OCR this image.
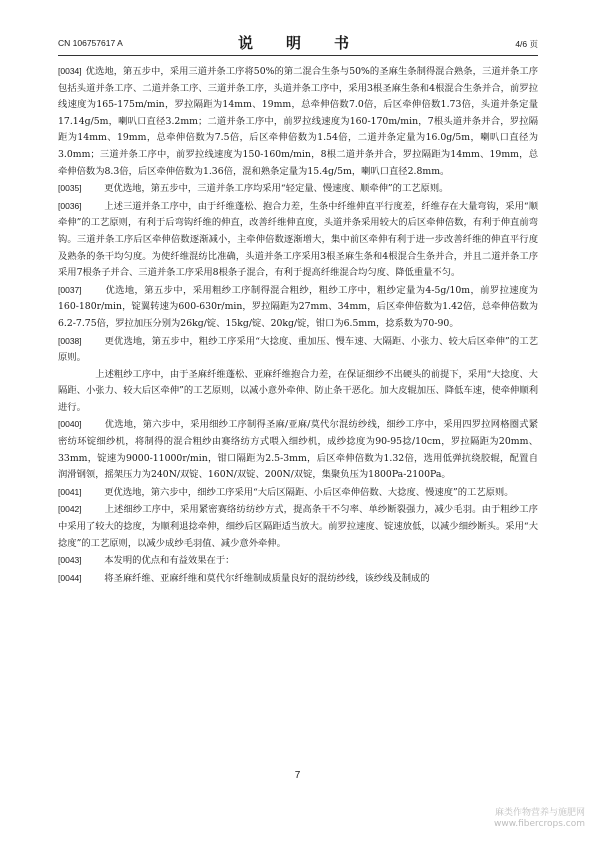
CN 106757617 A	说　明　书	4/6 页

[0034] 优选地，第五步中，采用三道并条工序将50%的第二混合生条与50%的圣麻生条制得混合熟条，三道并条工序包括头道并条工序、二道并条工序、三道并条工序，头道并条工序中，采用3根圣麻生条和4根混合生条并合，前罗拉线速度为165-175m/min，罗拉隔距为14mm、19mm，总牵伸倍数7.0倍，后区牵伸倍数1.73倍，头道并条定量17.14g/5m，喇叭口直径3.2mm；二道并条工序中，前罗拉线速度为160-170m/min，7根头道并条并合，罗拉隔距为14mm、19mm，总牵伸倍数为7.5倍，后区牵伸倍数为1.54倍，二道并条定量为16.0g/5m，喇叭口直径为3.0mm；三道并条工序中，前罗拉线速度为150-160m/min，8根二道并条并合，罗拉隔距为14mm、19mm，总牵伸倍数为8.3倍，后区牵伸倍数为1.36倍，混和熟条定量为15.4g/5m，喇叭口直径2.8mm。

[0035]　　 更优选地，第五步中，三道并条工序均采用“轻定量、慢速度、顺牵伸”的工艺原则。

[0036]　　 上述三道并条工序中，由于纤维蓬松、抱合力差，生条中纤维伸直平行度差，纤维存在大量弯钩，采用“顺牵伸”的工艺原则，有利于后弯钩纤维的伸直，改善纤维伸直度，头道并条采用较大的后区牵伸倍数，有利于伸直前弯钩。三道并条工序后区牵伸倍数逐渐减小，主牵伸倍数逐渐增大，集中前区牵伸有利于进一步改善纤维的伸直平行度及熟条的条干均匀度。为使纤维混纺比准确，头道并条工序采用3根圣麻生条和4根混合生条并合，并且二道并条工序采用7根条子并合、三道并条工序采用8根条子混合，有利于提高纤维混合均匀度、降低重量不匀。

[0037]　　	优选地，第五步中，采用粗纱工序制得混合粗纱，粗纱工序中，粗纱定量为4-5g/10m，前罗拉速度为160-180r/min，锭翼转速为600-630r/min，罗拉隔距为27mm、34mm，后区牵伸倍数为1.42倍，总牵伸倍数为6.2-7.75倍，罗拉加压分别为26kg/锭、15kg/锭、20kg/锭，钳口为6.5mm，捻系数为70-90。

[0038]　　 更优选地，第五步中，粗纱工序采用“大捻度、重加压、慢车速、大隔距、小张力、较大后区牵伸”的工艺原则。

　　　　上述粗纱工序中，由于圣麻纤维蓬松、亚麻纤维抱合力差，在保证细纱不出硬头的前提下，采用“大捻度、大隔距、小张力、较大后区牵伸”的工艺原则，以减小意外牵伸、防止条干恶化。加大皮辊加压、降低车速，使牵伸顺利进行。

[0040]　　 优选地，第六步中，采用细纱工序制得圣麻/亚麻/莫代尔混纺纱线，细纱工序中，采用四罗拉网格圈式紧密纺环锭细纱机，将制得的混合粗纱由赛络纺方式喂入细纱机，成纱捻度为90-95捻/10cm，罗拉隔距为20mm、33mm，锭速为9000-11000r/min，钳口隔距为2.5-3mm，后区牵伸倍数为1.32倍，选用低弹抗绕胶辊，配置自润滑钢领，摇架压力为240N/双锭、160N/双锭、200N/双锭，集聚负压为1800Pa-2100Pa。

[0041]　　 更优选地，第六步中，细纱工序采用“大后区隔距、小后区牵伸倍数、大捻度、慢速度”的工艺原则。

[0042]　　 上述细纱工序中，采用紧密赛络纺纺纱方式，提高条干不匀率、单纱断裂强力，减少毛羽。由于粗纱工序中采用了较大的捻度，为顺利退捻牵伸，细纱后区隔距适当放大。前罗拉速度、锭速放低，以减少细纱断头。采用“大捻度”的工艺原则，以减少成纱毛羽值、减少意外牵伸。

[0043]　　 本发明的优点和有益效果在于：

[0044]　　 将圣麻纤维、亚麻纤维和莫代尔纤维制成质量良好的混纺纱线，该纱线及制成的

7
麻类作物营养与施肥网
www.fibercrops.com
